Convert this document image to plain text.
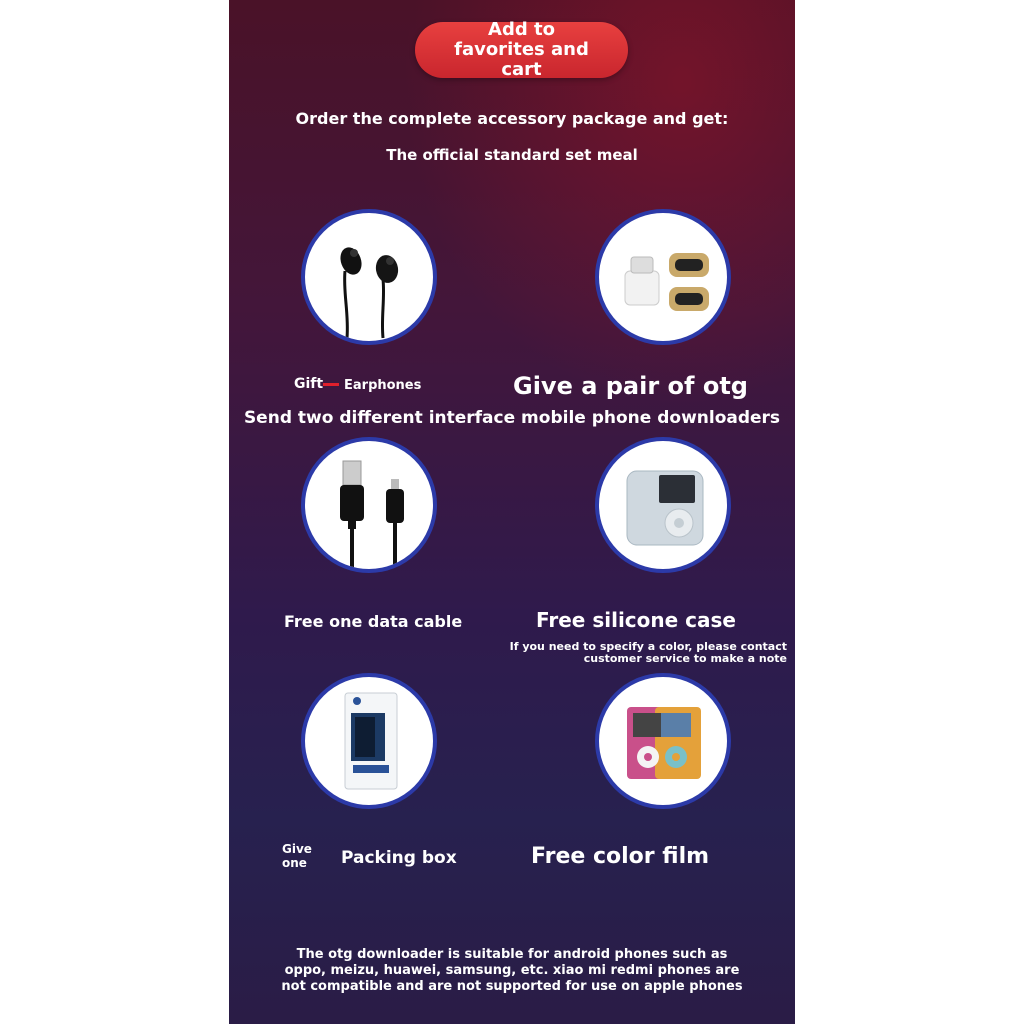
Add to favorites and cart
Order the complete accessory package and get:
The official standard set meal
Gift Earphones	Give a pair of otg
Send two different interface mobile phone downloaders
Free one data cable	Free silicone case
If you need to specify a color, please contact
customer service to make a note
Give
one Packing box	Free color film
The otg downloader is suitable for android phones such as
oppo, meizu, huawei, samsung, etc. xiao mi redmi phones are
not compatible and are not supported for use on apple phones
